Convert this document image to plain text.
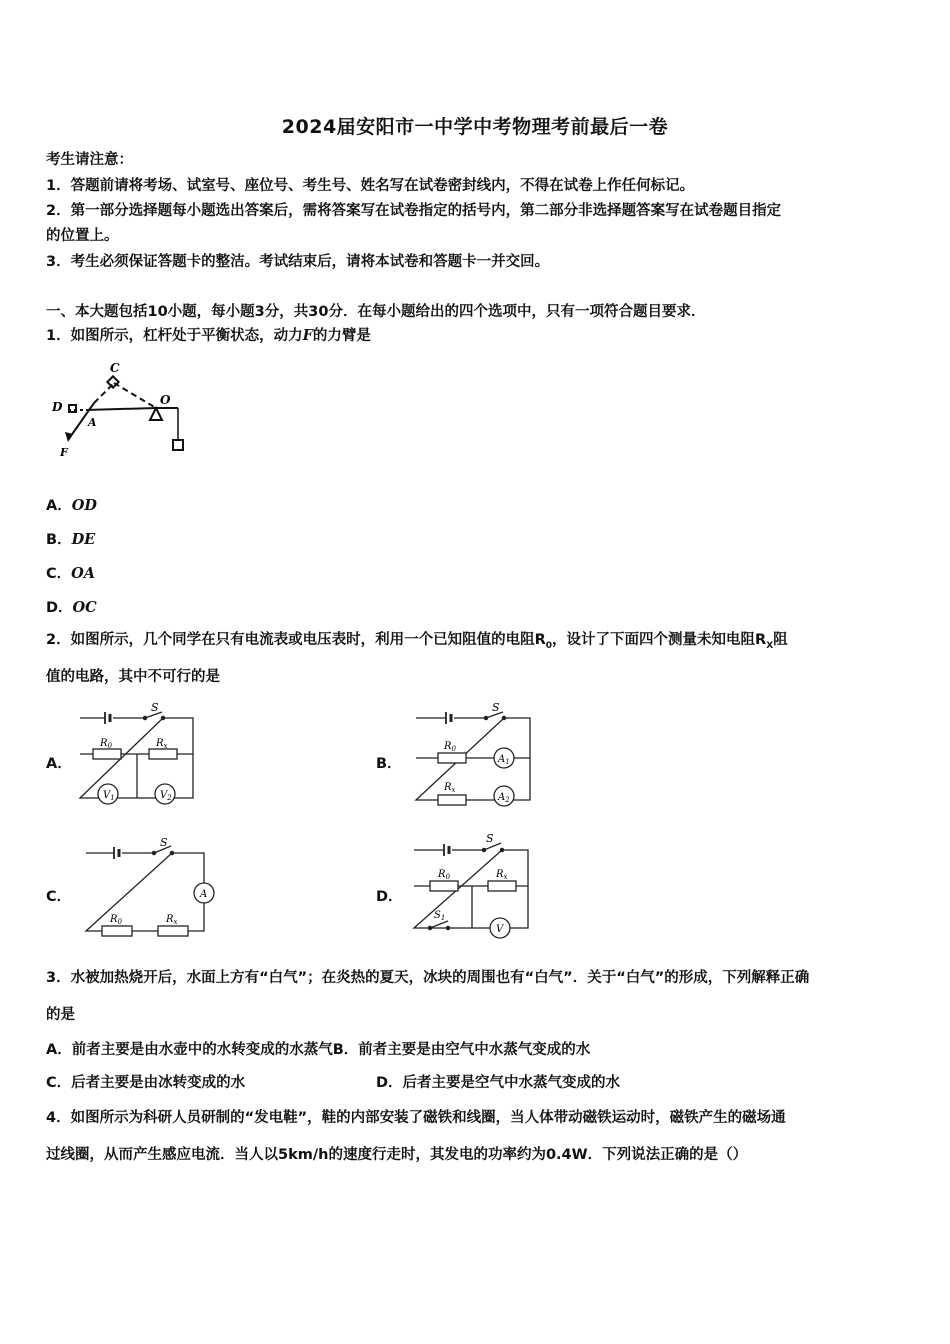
2024届安阳市一中学中考物理考前最后一卷
考生请注意：
1．答题前请将考场、试室号、座位号、考生号、姓名写在试卷密封线内，不得在试卷上作任何标记。
2．第一部分选择题每小题选出答案后，需将答案写在试卷指定的括号内，第二部分非选择题答案写在试卷题目指定
的位置上。
3．考生必须保证答题卡的整洁。考试结束后，请将本试卷和答题卡一并交回。
一、本大题包括10小题，每小题3分，共30分．在每小题给出的四个选项中，只有一项符合题目要求．
1．如图所示，杠杆处于平衡状态，动力F的力臂是
C
D
A
O
F
A．OD
B．DE
C．OA
D．OC
2．如图所示，几个同学在只有电流表或电压表时，利用一个已知阻值的电阻$R_0$，设计了下面四个测量未知电阻$R_X$阻
值的电路，其中不可行的是
A．
S
$R_0$	$R_x$
$V_1$	$V_2$
B．
S
$R_0$
$R_x$
$A_1$
$A_2$
C．
S
$R_0$	$R_x$
A	D．
S
$R_0$	$R_x$
$S_1$
V
3．水被加热烧开后，水面上方有“白气”；在炎热的夏天，冰块的周围也有“白气”．关于“白气”的形成，下列解释正确
的是
A．前者主要是由水壶中的水转变成的水蒸气B．前者主要是由空气中水蒸气变成的水
C．后者主要是由冰转变成的水	D．后者主要是空气中水蒸气变成的水
4．如图所示为科研人员研制的“发电鞋”，鞋的内部安装了磁铁和线圈，当人体带动磁铁运动时，磁铁产生的磁场通
过线圈，从而产生感应电流．当人以5km/h的速度行走时，其发电的功率约为0.4W．下列说法正确的是（）
